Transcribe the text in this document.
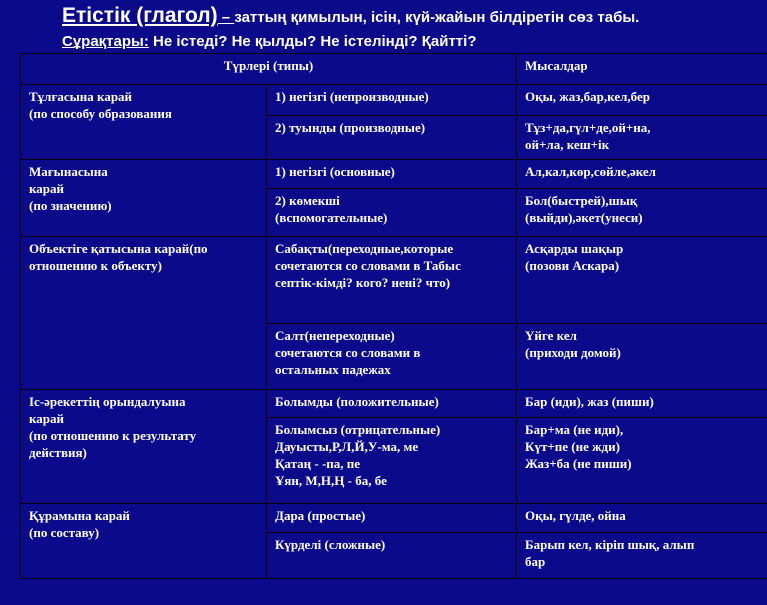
Етістік (глагол) – заттың қимылын, ісін, күй-жайын білдіретін сөз табы.
Сұрақтары: Не істеді? Не қылды? Не істелінді? Қайтті?
Түрлері (типы)		Мысалдар
Тұлғасына карай
(по способу образования	1) негізгі (непроизводные)	Оқы, жаз,бар,кел,бер
	2) туынды (производные)	Тұз+да,гүл+де,ой+на,
ой+ла, кеш+ік
Мағынасына
карай
(по значению)	1) негізгі (основные)	Ал,кал,көр,сөйле,әкел
	2) көмекші
(вспомогательные)	Бол(быстрей),шық
(выйди),әкет(унеси)
Объектіге қатысына карай(по
отношению к объекту)	Сабақты(переходные,которые
сочетаются со словами в Табыс
септік-кімді? кого? нені? что)	Асқарды шақыр
(позови Аскара)
	Салт(непереходные)
сочетаются со словами в
остальных падежах	Үйге кел
(приходи домой)
Іс-әрекеттің орындалуына
карай
(по отношению к результату
действия)	Болымды (положительные)	Бар (иди), жаз (пиши)
	Болымсыз (отрицательные)
Дауысты,Р,Л,Й,У-ма, ме
Қатаң - -па, пе
Ұян, М,Н,Ң - ба, бе	Бар+ма (не иди),
Күт+пе (не жди)
Жаз+ба (не пиши)
Құрамына карай
(по составу)	Дара (простые)	Оқы, гүлде, ойна
	Күрделі (сложные)	Барып кел, кіріп шық, алып
бар
